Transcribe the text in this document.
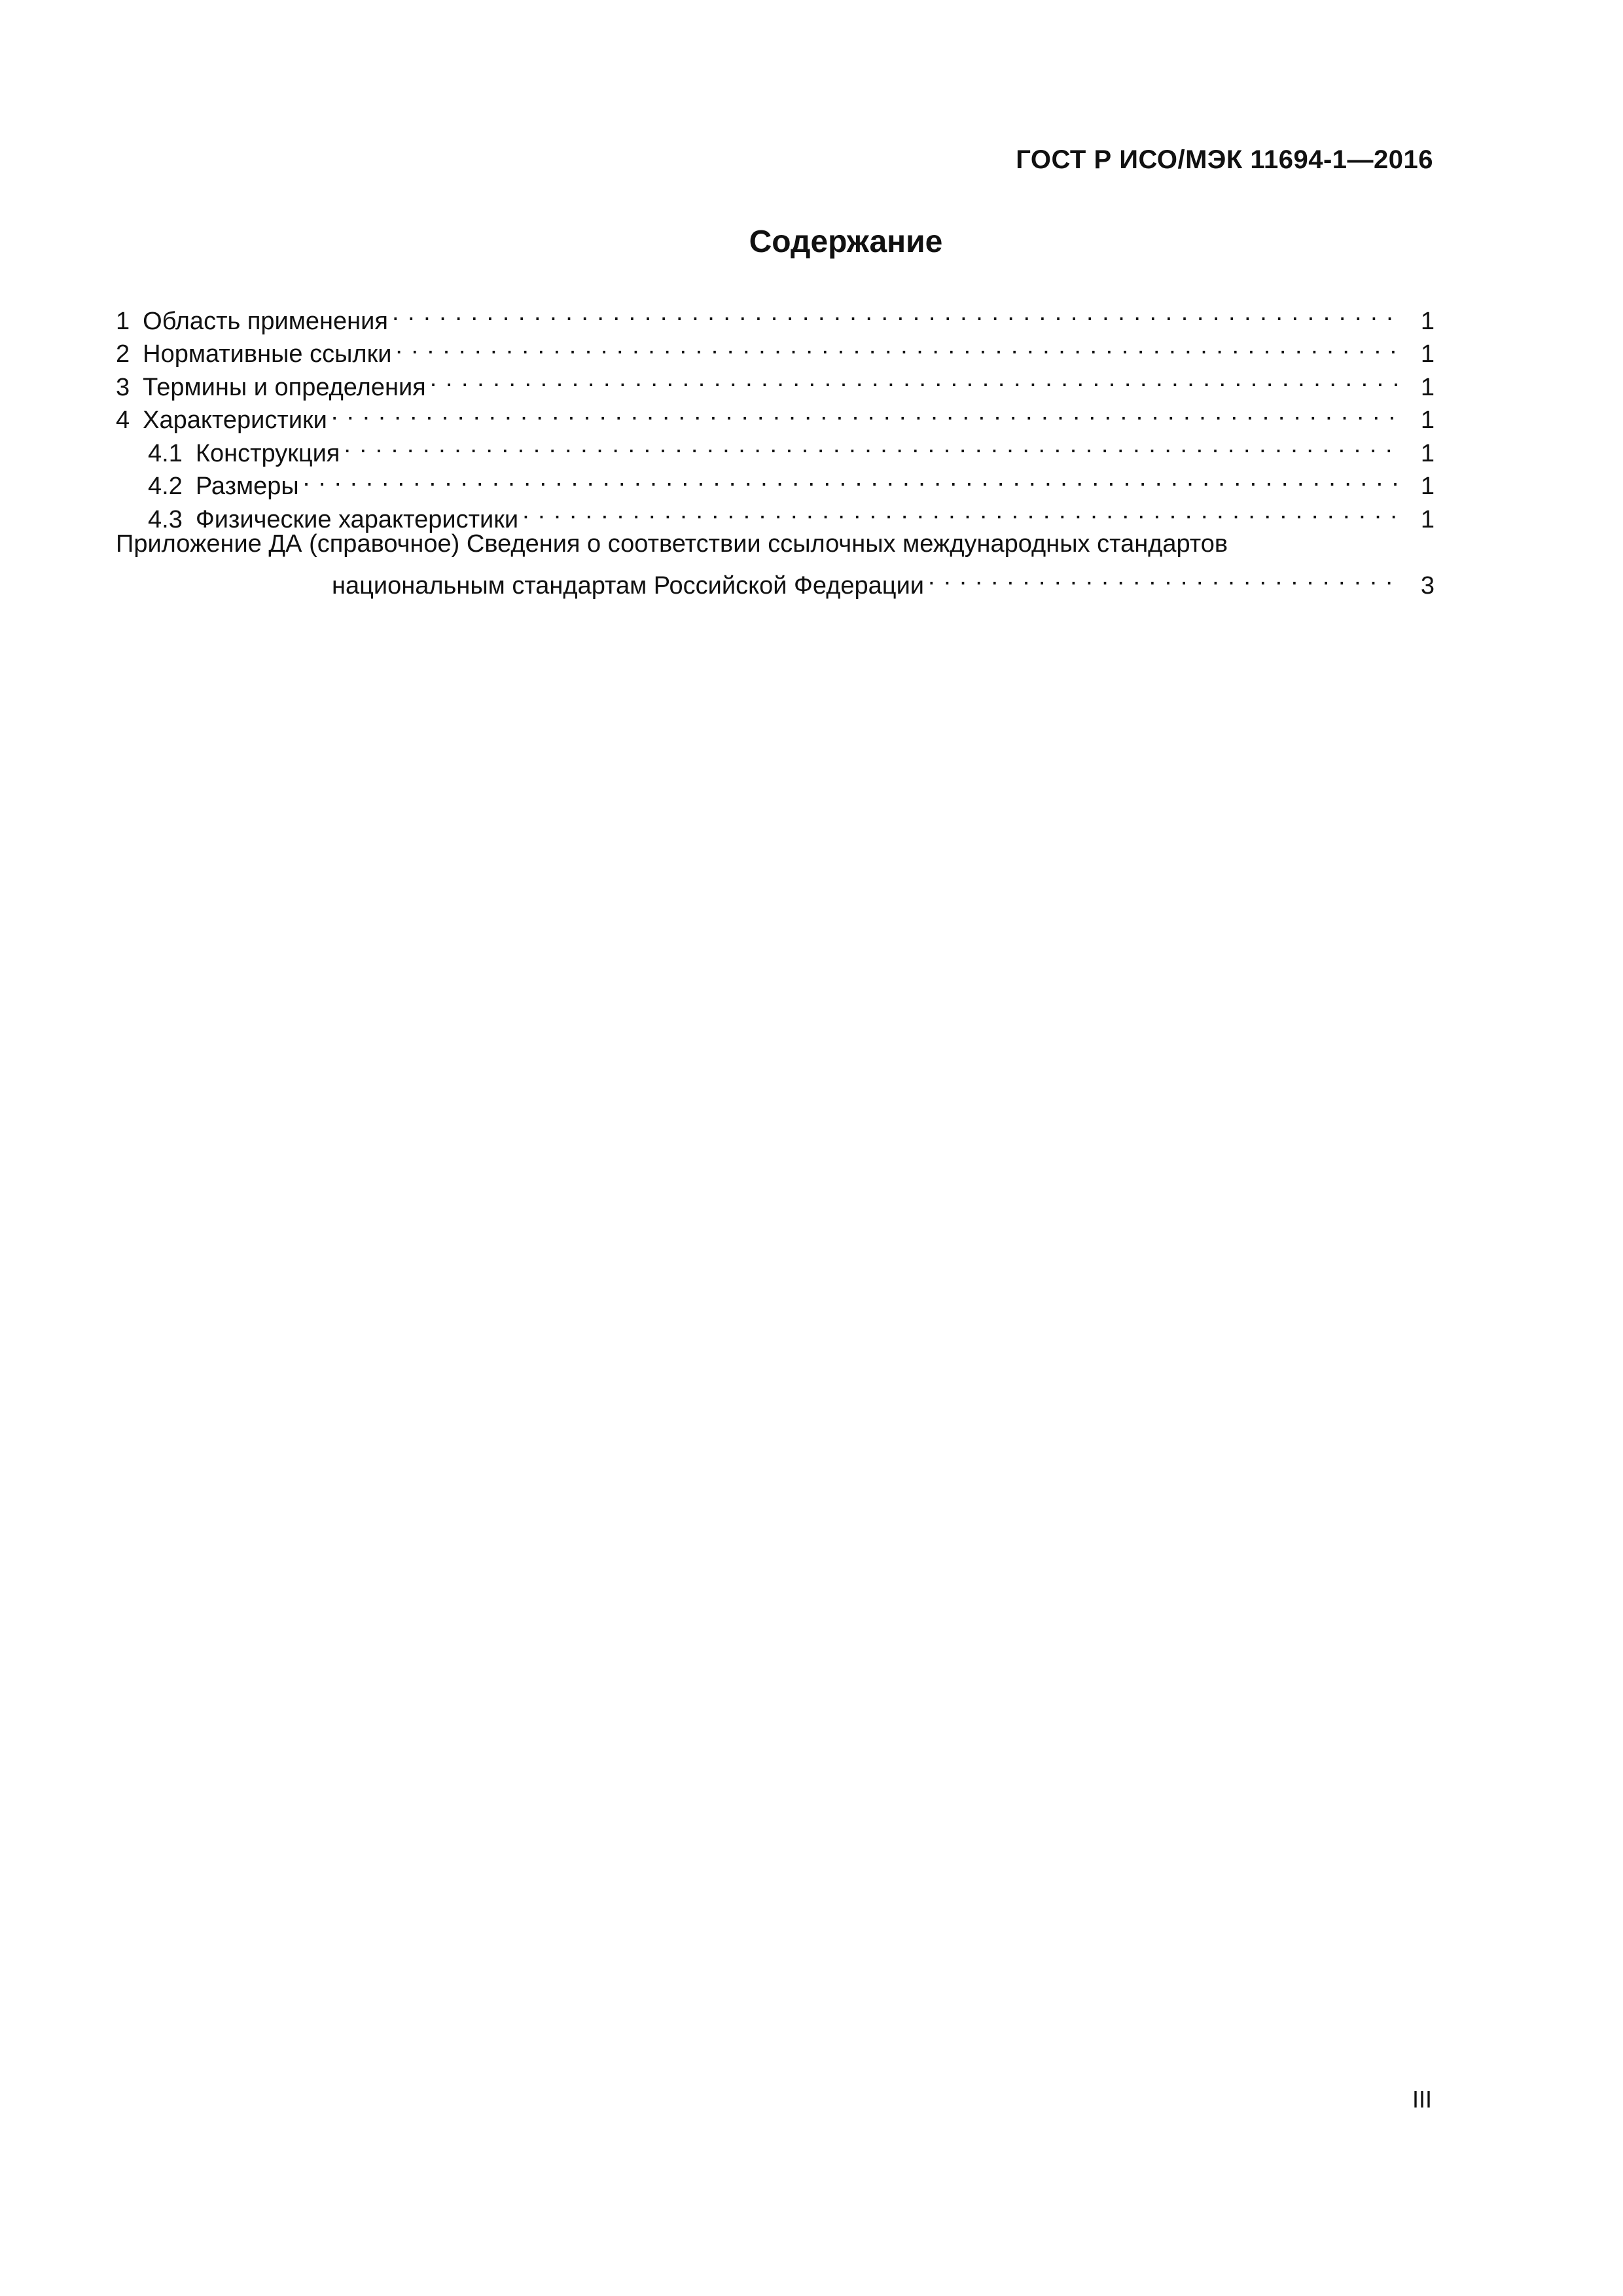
ГОСТ Р ИСО/МЭК 11694-1—2016
Содержание
1 Область применения . . .	1
2 Нормативные ссылки . . .	1
3 Термины и определения . . .	1
4 Характеристики . . .	1
4.1 Конструкция . . .	1
4.2 Размеры . . .	1
4.3 Физические характеристики . . .	1
Приложение ДА (справочное) Сведения о соответствии ссылочных международных стандартов
национальным стандартам Российской Федерации . . .	3
III
